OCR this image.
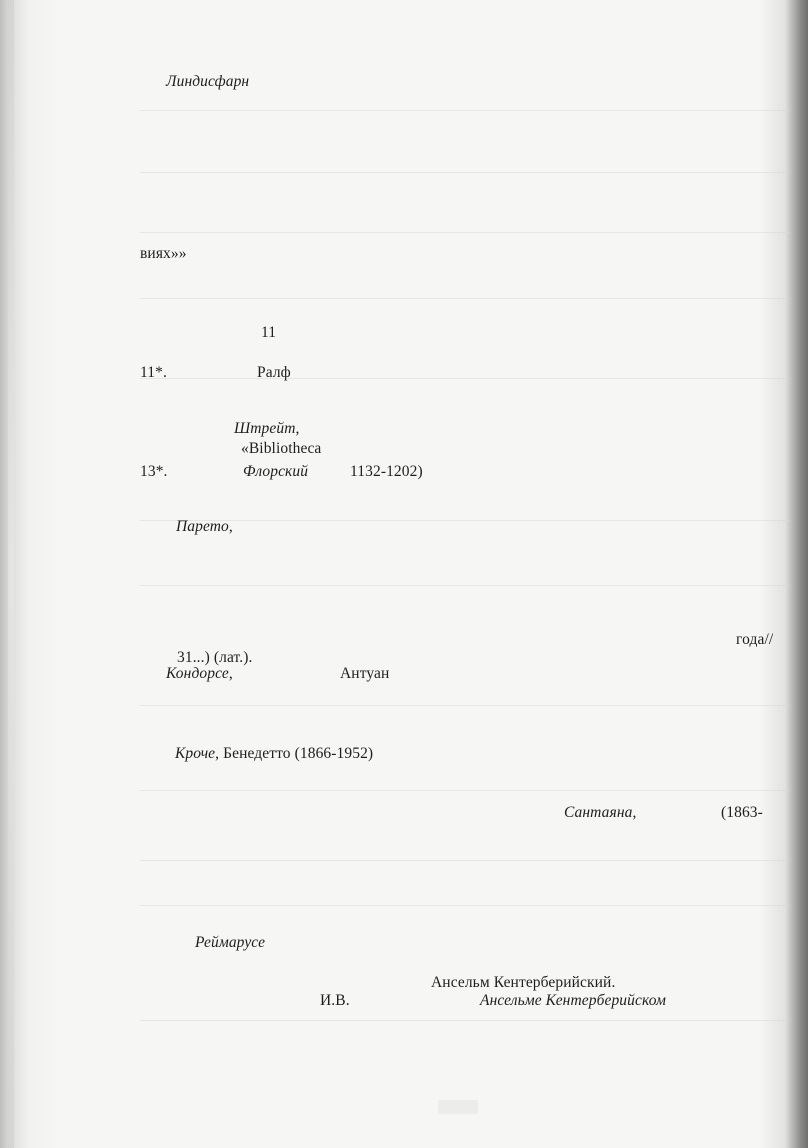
Линдисфарн
виях»»
11
11*.	Ралф
Штрейт,
«Bibliotheca
13*.	Флорский	1132-1202)
Парето,
года//
31...) (лат.).
Кондорсе,	Антуан
Кроче, Бенедетто (1866-1952)
Сантаяна,	(1863-
Реймарусе
Ансельм Кентерберийский.
И.В.	Ансельме Кентерберийском
